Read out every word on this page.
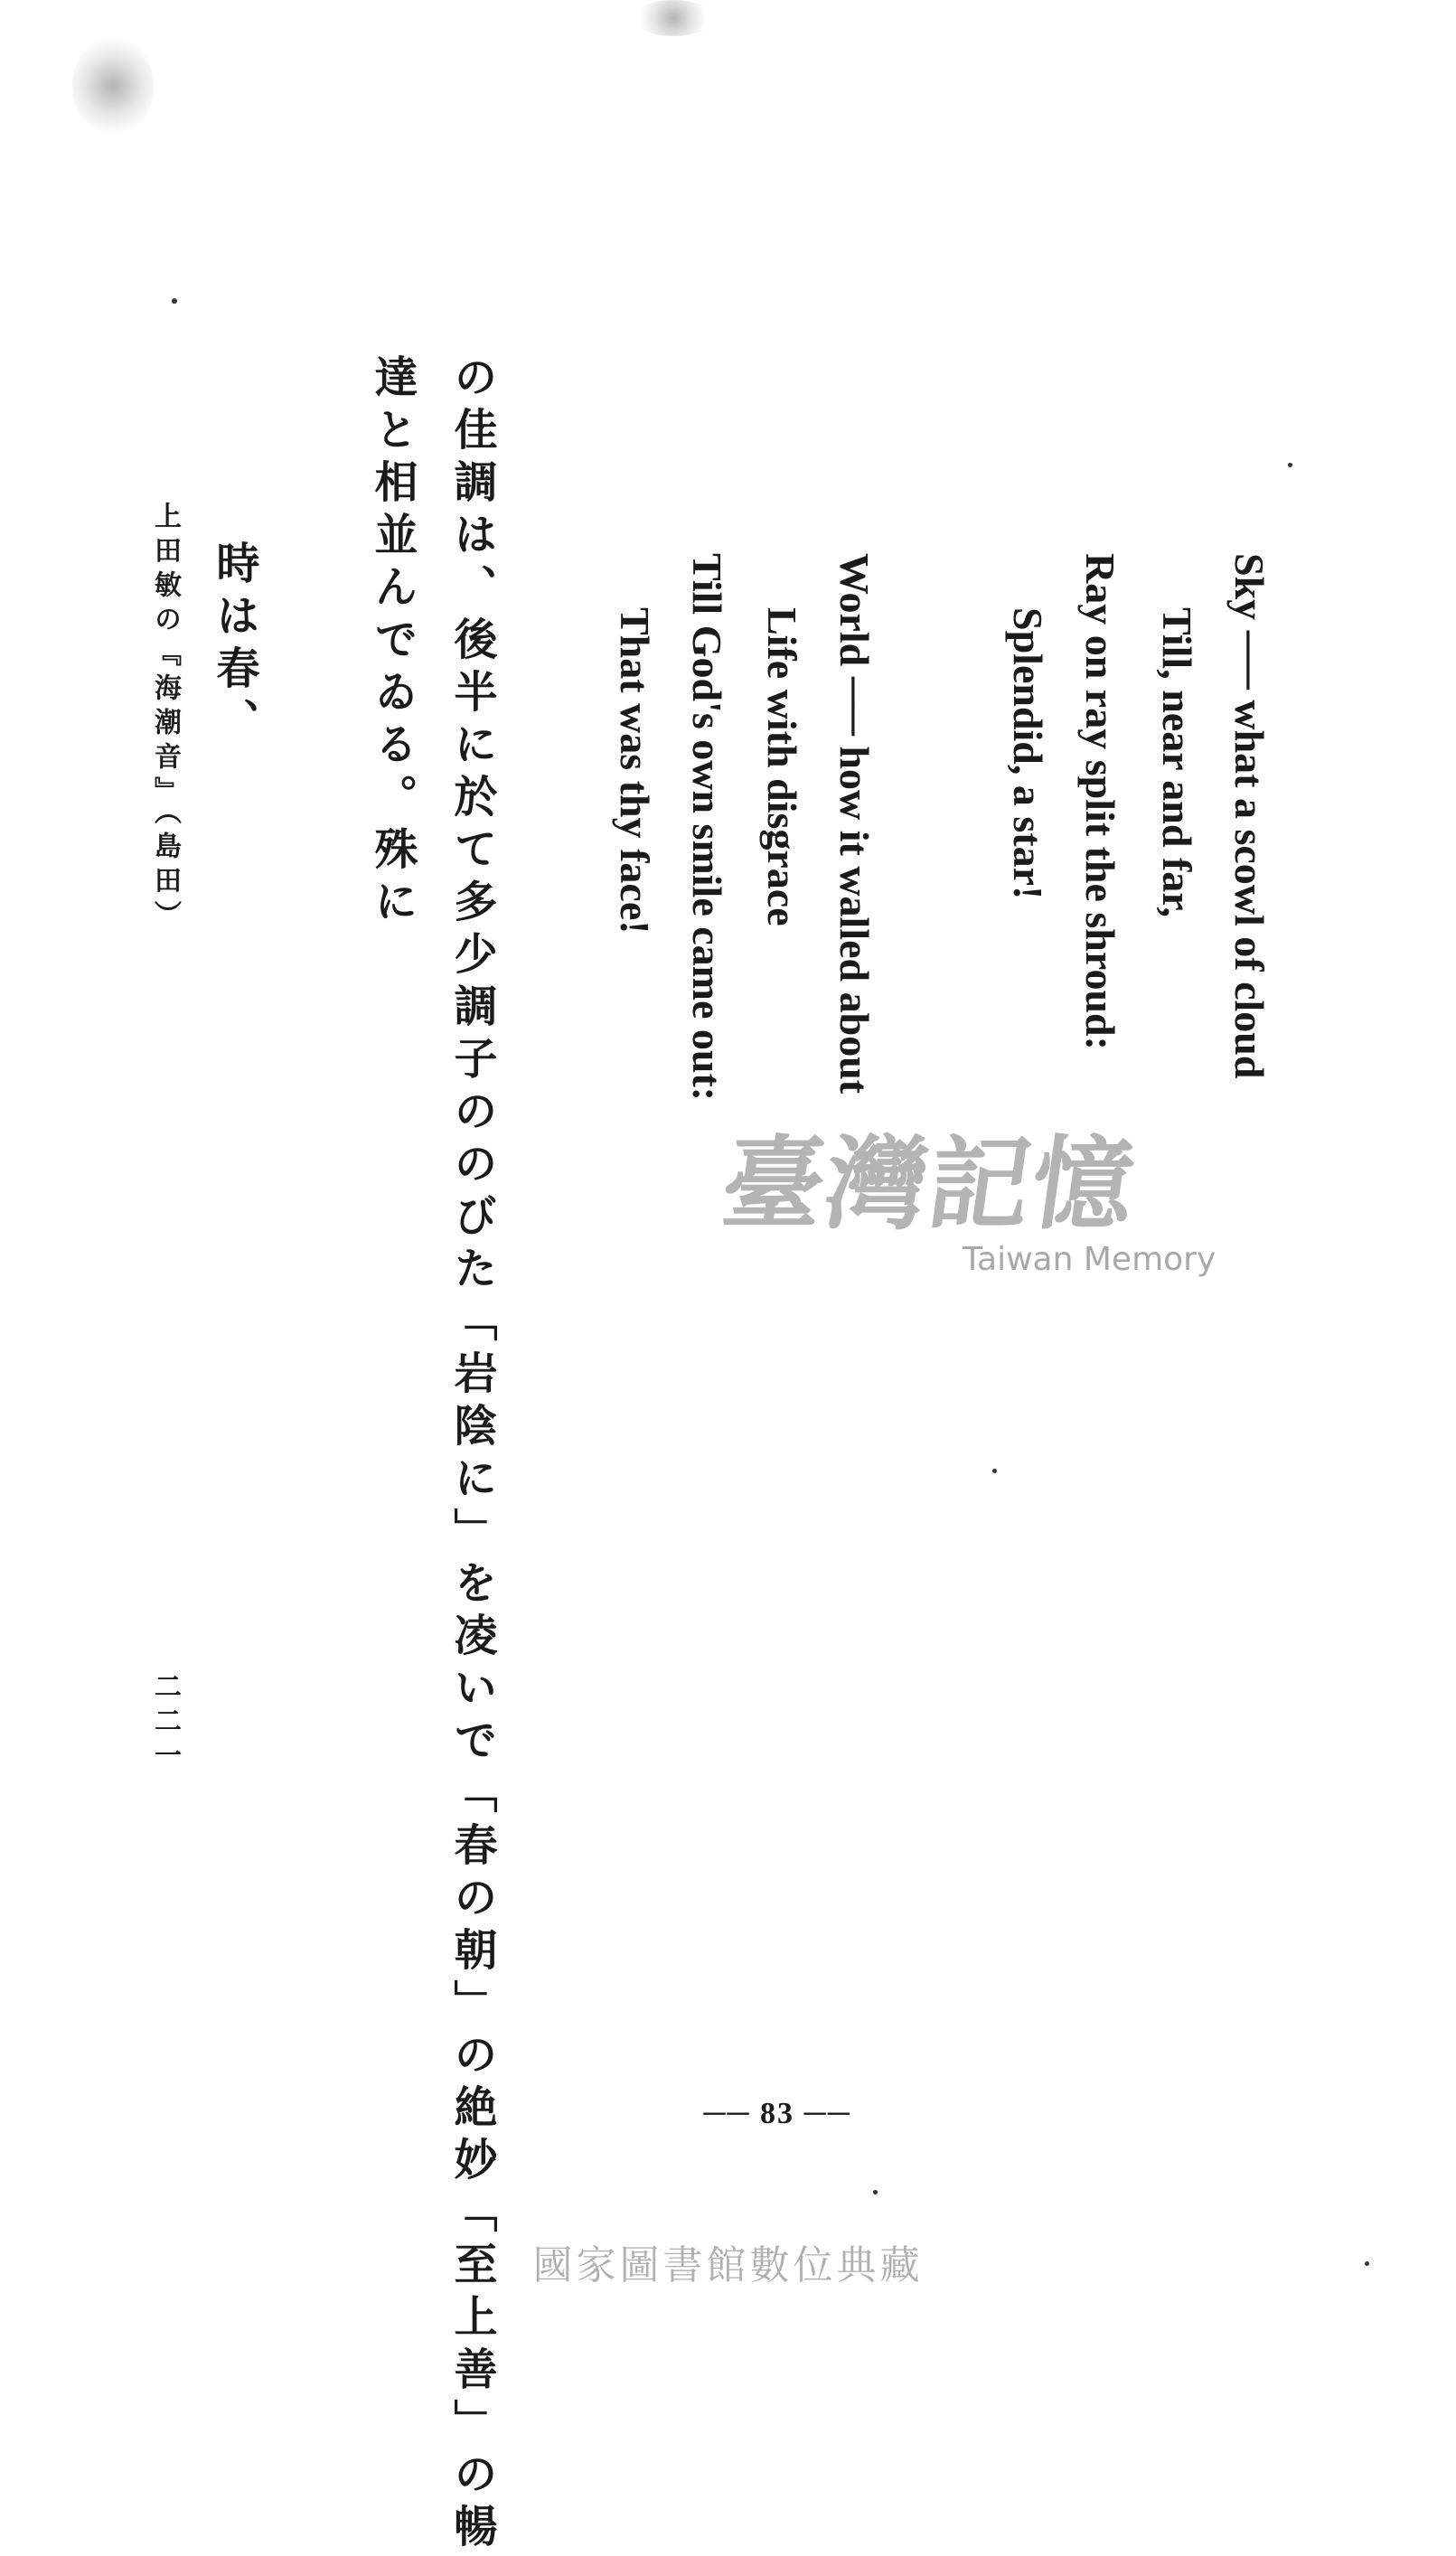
Sky ── what a scowl of cloud
Till, near and far,
Ray on ray split the shroud:
Splendid, a star!
World ── how it walled about
Life with disgrace
Till God's own smile came out:
That was thy face!
臺灣記憶
Taiwan Memory
の佳調は、後半に於て多少調子ののびた「岩陰に」を凌いで「春の朝」の絶妙「至上善」の暢
達と相並んでゐる。殊に
時は春、
上田敏の『海潮音』（島田）
二二一
── 83 ──
國家圖書館數位典藏
